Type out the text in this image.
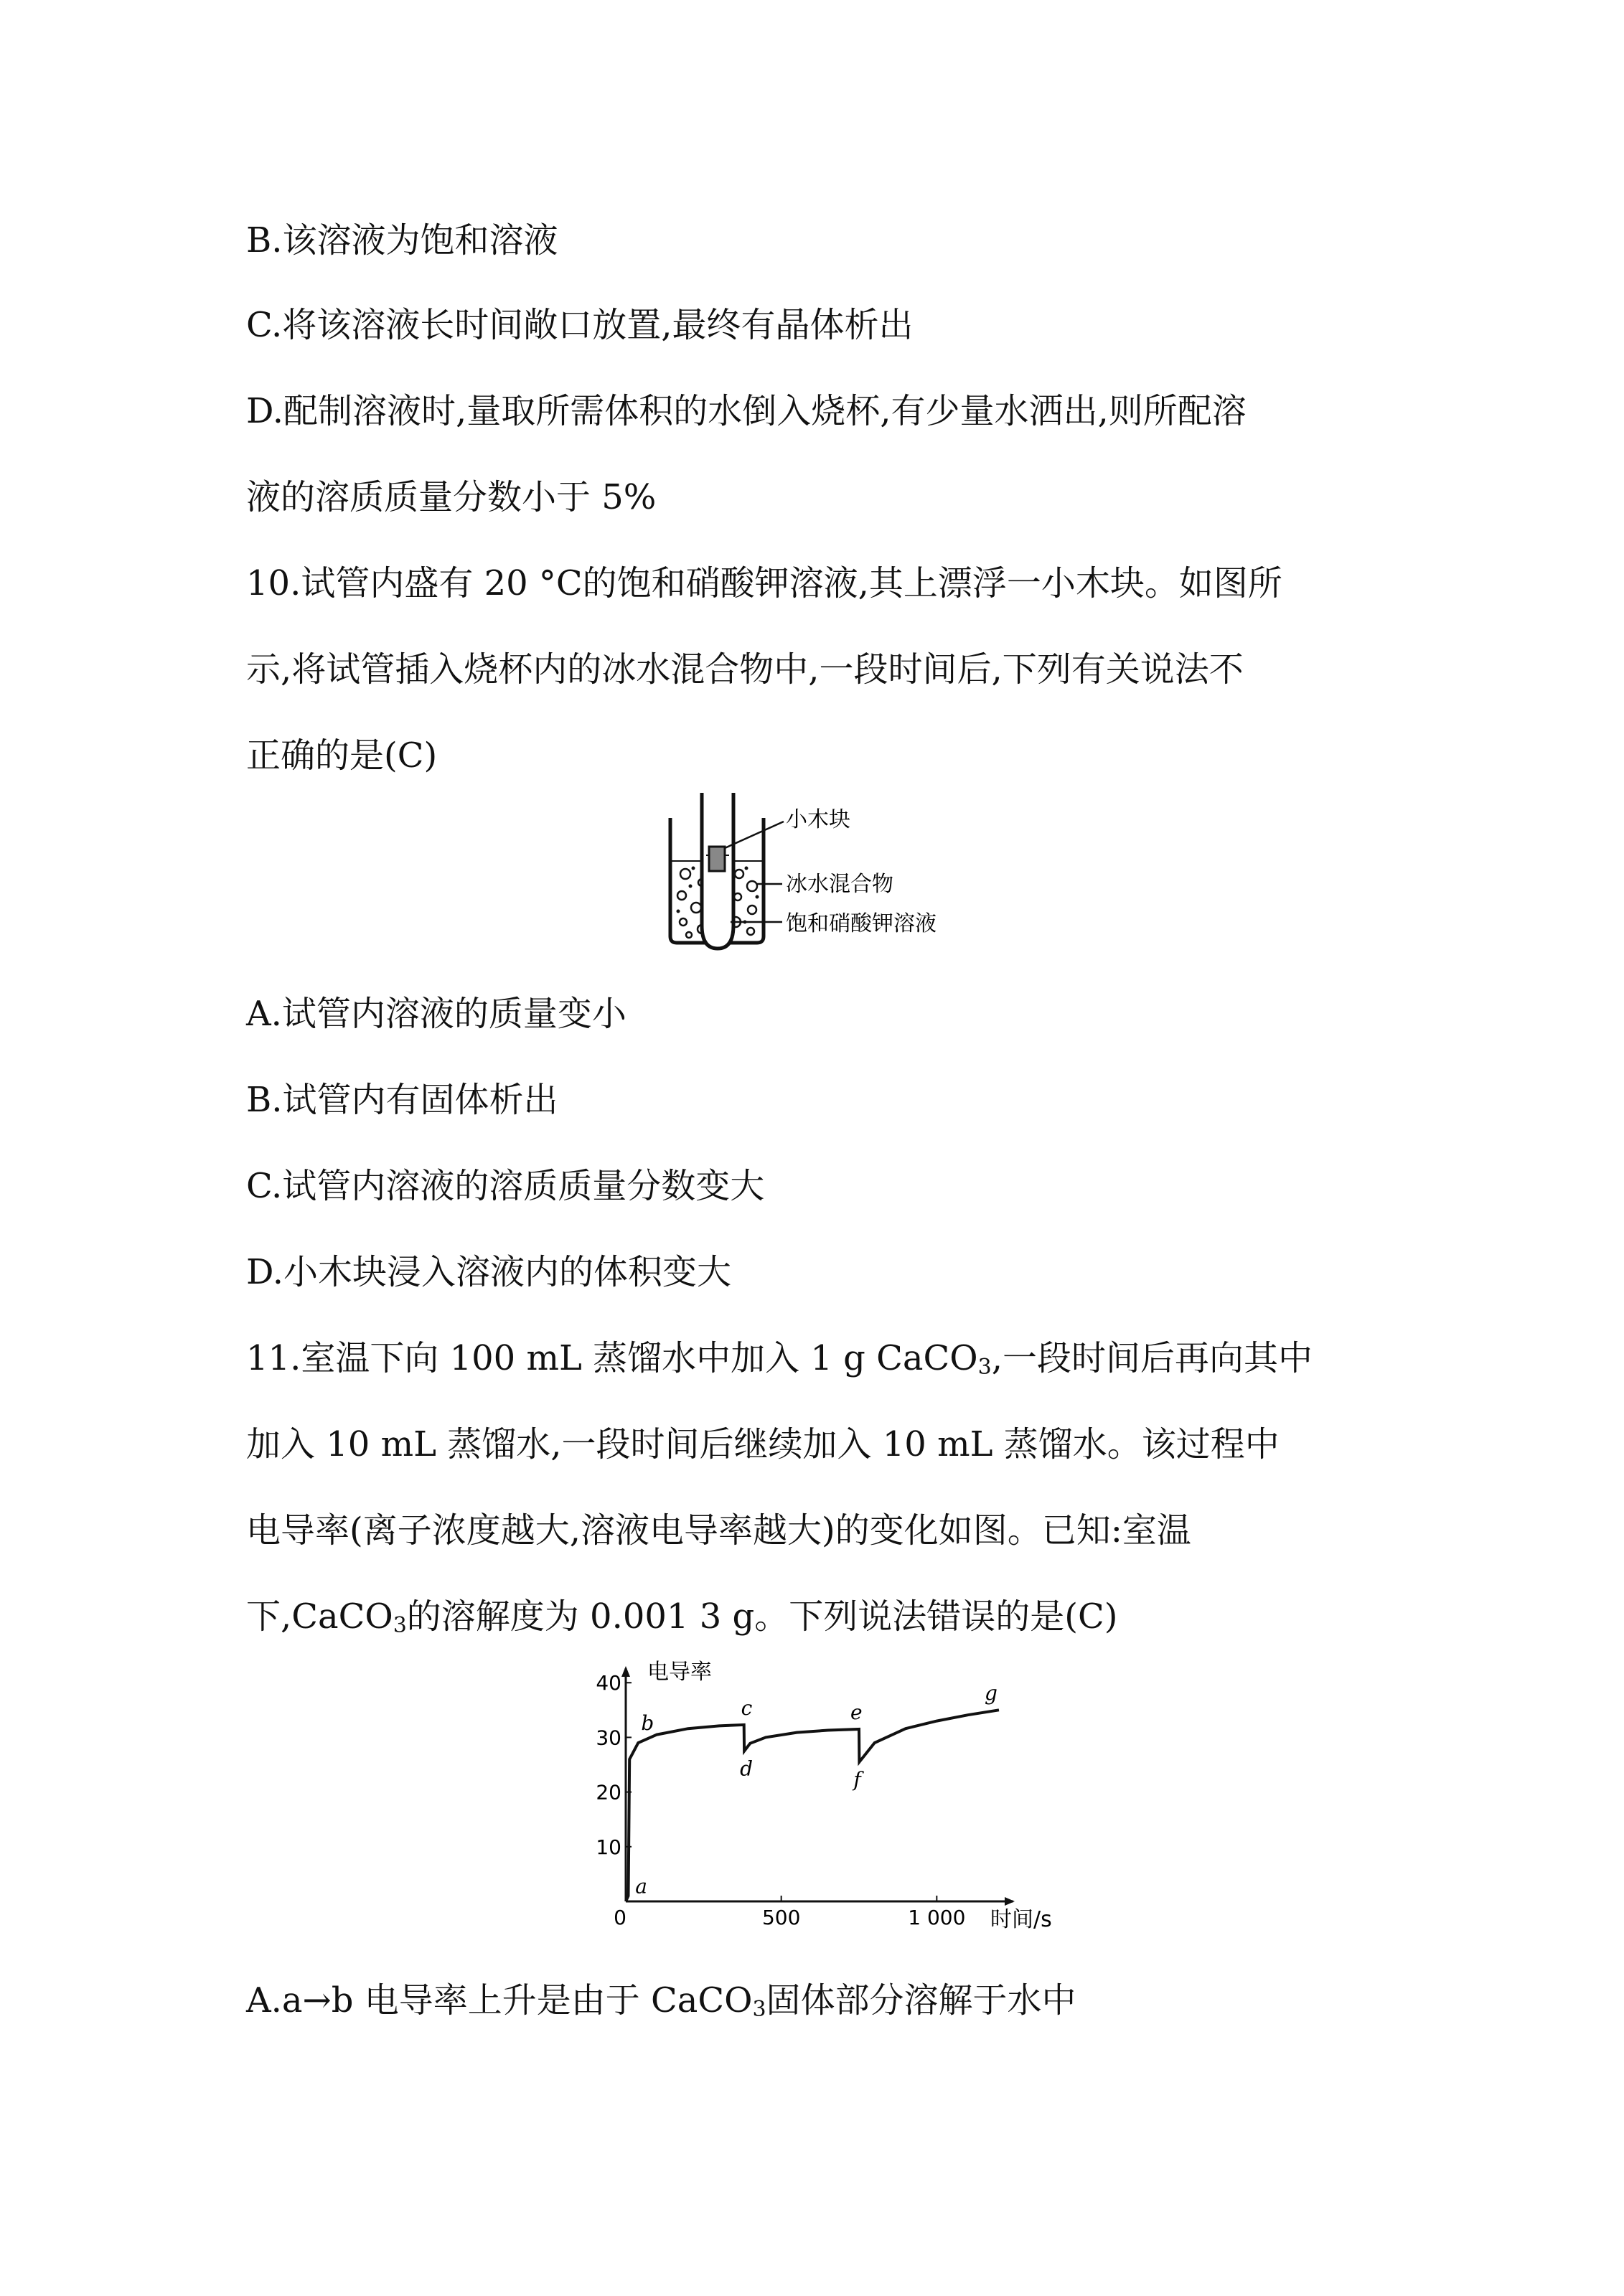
B.该溶液为饱和溶液
C.将该溶液长时间敞口放置,最终有晶体析出
D.配制溶液时,量取所需体积的水倒入烧杯,有少量水洒出,则所配溶
液的溶质质量分数小于 5%
10.试管内盛有 20 °C的饱和硝酸钾溶液,其上漂浮一小木块。如图所
示,将试管插入烧杯内的冰水混合物中,一段时间后,下列有关说法不
正确的是(C)
小木块
冰水混合物
饱和硝酸钾溶液
A.试管内溶液的质量变小
B.试管内有固体析出
C.试管内溶液的溶质质量分数变大
D.小木块浸入溶液内的体积变大
11.室温下向 100 mL 蒸馏水中加入 1 g CaCO$_3$,一段时间后再向其中
加入 10 mL 蒸馏水,一段时间后继续加入 10 mL 蒸馏水。该过程中
电导率(离子浓度越大,溶液电导率越大)的变化如图。已知:室温
下,CaCO$_3$的溶解度为 0.001 3 g。下列说法错误的是(C)
10
20
30
40
0	500	1 000
a
b
c
d
e
f
g
电导率
时间/s
A.a→b 电导率上升是由于 CaCO$_3$固体部分溶解于水中
